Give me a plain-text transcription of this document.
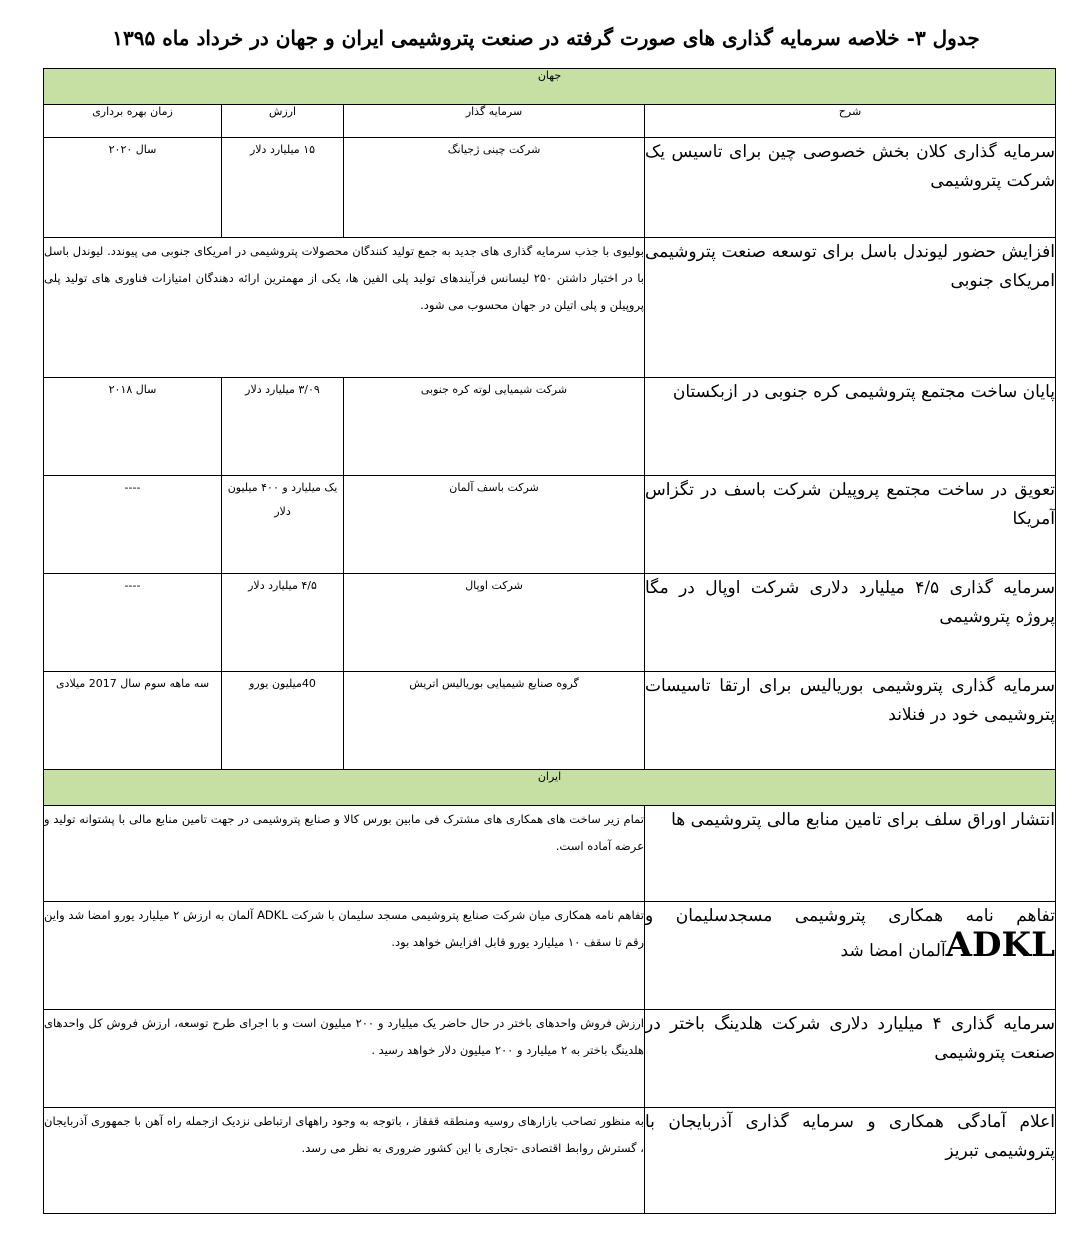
جدول ۳- خلاصه سرمایه گذاری های صورت گرفته در صنعت پتروشیمی ایران و جهان در خرداد ماه ۱۳۹۵
جهان			
شرح	سرمایه گذار	ارزش	زمان بهره برداری
سرمایه گذاری کلان بخش خصوصی چین برای تاسیس یک شرکت پتروشیمی	شرکت چینی ژجیانگ	۱۵ میلیارد دلار	سال ۲۰۲۰
افزایش حضور لیوندل باسل برای توسعه صنعت پتروشیمی امریکای جنوبی	بولیوی با جذب سرمایه گذاری های جدید به جمع تولید کنندگان محصولات پتروشیمی در امریکای جنوبی می پیوندد. لیوندل باسل با در اختیار داشتن ۲۵۰ لیسانس فرآیندهای تولید پلی الفین ها، یکی از مهمترین ارائه دهندگان امتیازات فناوری های تولید پلی پروپیلن و پلی اتیلن در جهان محسوب می شود.		
پایان ساخت مجتمع پتروشیمی کره جنوبی در ازبکستان	شرکت شیمیایی لوته کره جنوبی	۳/۰۹ میلیارد دلار	سال ۲۰۱۸
تعویق در ساخت مجتمع پروپیلن شرکت باسف در تگزاس آمریکا	شرکت باسف آلمان	یک میلیارد و ۴۰۰ میلیون دلار	----
سرمایه گذاری ۴/۵ میلیارد دلاری شرکت اوپال در مگا پروژه پتروشیمی	شرکت اوپال	۴/۵ میلیارد دلار	----
سرمایه گذاری پتروشیمی بوریالیس برای ارتقا تاسیسات پتروشیمی خود در فنلاند	گروه صنایع شیمیایی بوریالیس اتریش	40میلیون یورو	سه ماهه سوم سال 2017 میلادی
ایران			
انتشار اوراق سلف برای تامین منابع مالی پتروشیمی ها	تمام زیر ساخت های همکاری های مشترک فی مابین بورس کالا و صنایع پتروشیمی در جهت تامین منابع مالی با پشتوانه تولید و عرضه آماده است.		
تفاهم نامه همکاری پتروشیمی مسجدسلیمان و ADKLآلمان امضا شد	تفاهم نامه همکاری میان شرکت صنایع پتروشیمی مسجد سلیمان با شرکت ADKL آلمان به ارزش ۲ میلیارد یورو امضا شد واین رقم تا سقف ۱۰ میلیارد یورو قابل افزایش خواهد بود.		
سرمایه گذاری ۴ میلیارد دلاری شرکت هلدینگ باختر در صنعت پتروشیمی	ارزش فروش واحدهای باختر در حال حاضر یک میلیارد و ۲۰۰ میلیون است و با اجرای طرح توسعه، ارزش فروش کل واحدهای هلدینگ باختر به ۲ میلیارد و ۲۰۰ میلیون دلار خواهد رسید .		
اعلام آمادگی همکاری و سرمایه گذاری آذربایجان با پتروشیمی تبریز	به منظور تصاحب بازارهای روسیه ومنطقه قفقاز ، باتوجه به وجود راههای ارتباطی نزدیک ازجمله راه آهن با جمهوری آذربایجان ، گسترش روابط اقتصادی -تجاری با این کشور ضروری به نظر می رسد.		
